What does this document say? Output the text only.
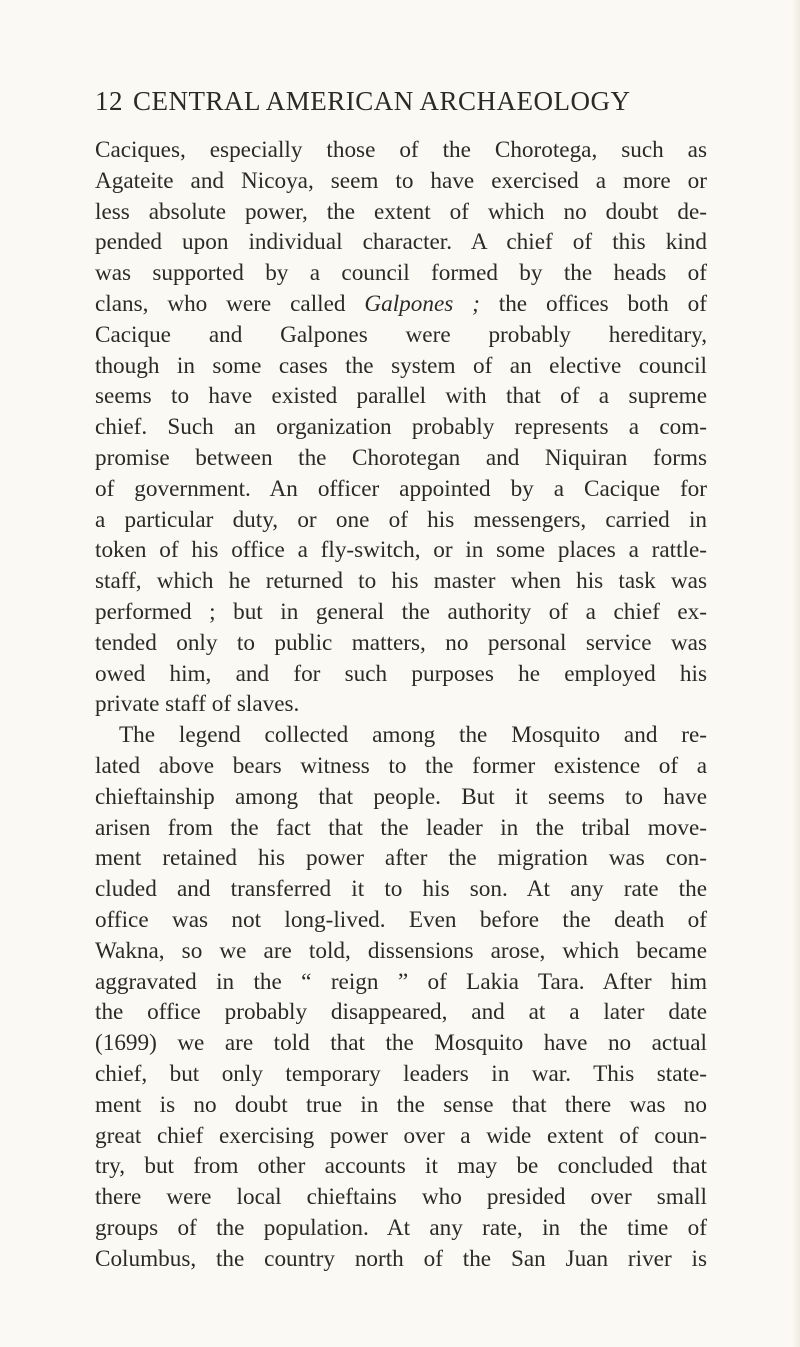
12 CENTRAL AMERICAN ARCHAEOLOGY
Caciques, especially those of the Chorotega, such as
Agateite and Nicoya, seem to have exercised a more or
less absolute power, the extent of which no doubt de-
pended upon individual character. A chief of this kind
was supported by a council formed by the heads of
clans, who were called Galpones ; the offices both of
Cacique and Galpones were probably hereditary,
though in some cases the system of an elective council
seems to have existed parallel with that of a supreme
chief. Such an organization probably represents a com-
promise between the Chorotegan and Niquiran forms
of government. An officer appointed by a Cacique for
a particular duty, or one of his messengers, carried in
token of his office a fly-switch, or in some places a rattle-
staff, which he returned to his master when his task was
performed ; but in general the authority of a chief ex-
tended only to public matters, no personal service was
owed him, and for such purposes he employed his
private staff of slaves.
The legend collected among the Mosquito and re-
lated above bears witness to the former existence of a
chieftainship among that people. But it seems to have
arisen from the fact that the leader in the tribal move-
ment retained his power after the migration was con-
cluded and transferred it to his son. At any rate the
office was not long-lived. Even before the death of
Wakna, so we are told, dissensions arose, which became
aggravated in the “ reign ” of Lakia Tara. After him
the office probably disappeared, and at a later date
(1699) we are told that the Mosquito have no actual
chief, but only temporary leaders in war. This state-
ment is no doubt true in the sense that there was no
great chief exercising power over a wide extent of coun-
try, but from other accounts it may be concluded that
there were local chieftains who presided over small
groups of the population. At any rate, in the time of
Columbus, the country north of the San Juan river is
